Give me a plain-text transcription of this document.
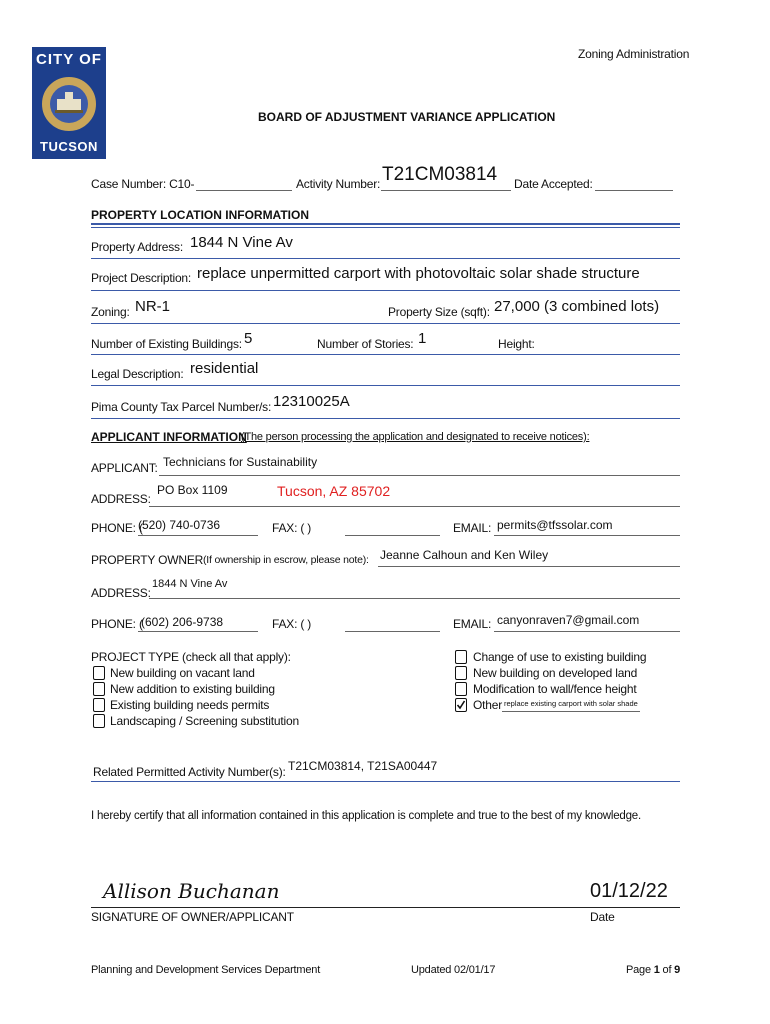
CITY OF
TUCSON
Zoning Administration
BOARD OF ADJUSTMENT VARIANCE APPLICATION
Case Number: C10-	Activity Number: T21CM03814 Date Accepted:
PROPERTY LOCATION INFORMATION
Property Address: 1844 N Vine Av
Project Description: replace unpermitted carport with photovoltaic solar shade structure
Zoning: NR-1	Property Size (sqft): 27,000 (3 combined lots)
Number of Existing Buildings: 5	Number of Stories: 1	Height:
Legal Description: residential
Pima County Tax Parcel Number/s: 12310025A
APPLICANT INFORMATION
(The person processing the application and designated to receive notices):
APPLICANT: Technicians for Sustainability
ADDRESS:
PO Box 1109	Tucson, AZ 85702
PHONE: (
(520) 740-0736	FAX: ( )	EMAIL: permits@tfssolar.com
PROPERTY OWNER (If ownership in escrow, please note): Jeanne Calhoun and Ken Wiley
ADDRESS:
1844 N Vine Av
PHONE: (
(602) 206-9738	FAX: ( )	EMAIL: canyonraven7@gmail.com
PROJECT TYPE (check all that apply):
New building on vacant land
New addition to existing building
Existing building needs permits
Landscaping / Screening substitution
Change of use to existing building
New building on developed land
Modification to wall/fence height
Other replace existing carport with solar shade
Related Permitted Activity Number(s): T21CM03814, T21SA00447
I hereby certify that all information contained in this application is complete and true to the best of my knowledge.
Allison Buchanan	01/12/22
SIGNATURE OF OWNER/APPLICANT	Date
Planning and Development Services Department	Updated 02/01/17	Page 1 of 9
